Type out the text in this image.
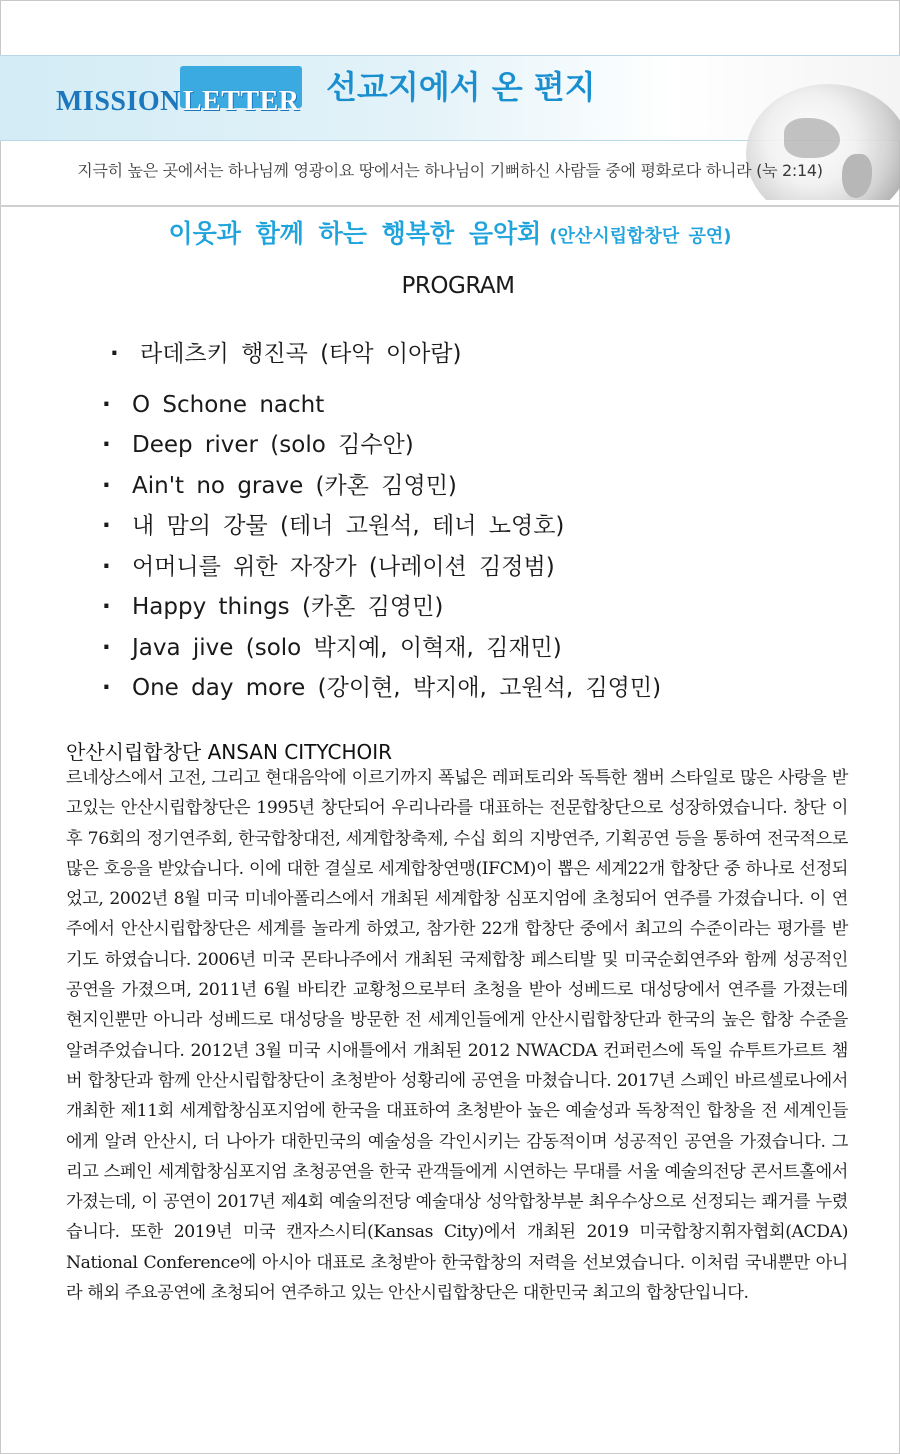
MISSIONLETTER 선교지에서 온 편지
지극히 높은 곳에서는 하나님께 영광이요 땅에서는 하나님이 기뻐하신 사람들 중에 평화로다 하니라 (눅 2:14)
이웃과 함께 하는 행복한 음악회 (안산시립합창단 공연)
PROGRAM
· 라데츠키 행진곡 (타악 이아람)
· O Schone nacht
· Deep river (solo 김수안)
· Ain't no grave (카혼 김영민)
· 내 맘의 강물 (테너 고원석, 테너 노영호)
· 어머니를 위한 자장가 (나레이션 김정범)
· Happy things (카혼 김영민)
· Java jive (solo 박지예, 이혁재, 김재민)
· One day more (강이현, 박지애, 고원석, 김영민)
안산시립합창단 ANSAN CITYCHOIR
르네상스에서 고전, 그리고 현대음악에 이르기까지 폭넓은 레퍼토리와 독특한 챔버 스타일로 많은 사랑을 받고있는 안산시립합창단은 1995년 창단되어 우리나라를 대표하는 전문합창단으로 성장하였습니다. 창단 이후 76회의 정기연주회, 한국합창대전, 세계합창축제, 수십 회의 지방연주, 기획공연 등을 통하여 전국적으로 많은 호응을 받았습니다. 이에 대한 결실로 세계합창연맹(IFCM)이 뽑은 세계22개 합창단 중 하나로 선정되었고, 2002년 8월 미국 미네아폴리스에서 개최된 세계합창 심포지엄에 초청되어 연주를 가졌습니다. 이 연주에서 안산시립합창단은 세계를 놀라게 하였고, 참가한 22개 합창단 중에서 최고의 수준이라는 평가를 받기도 하였습니다. 2006년 미국 몬타나주에서 개최된 국제합창 페스티발 및 미국순회연주와 함께 성공적인 공연을 가졌으며, 2011년 6월 바티칸 교황청으로부터 초청을 받아 성베드로 대성당에서 연주를 가졌는데 현지인뿐만 아니라 성베드로 대성당을 방문한 전 세계인들에게 안산시립합창단과 한국의 높은 합창 수준을 알려주었습니다. 2012년 3월 미국 시애틀에서 개최된 2012 NWACDA 컨퍼런스에 독일 슈투트가르트 챔버 합창단과 함께 안산시립합창단이 초청받아 성황리에 공연을 마쳤습니다. 2017년 스페인 바르셀로나에서 개최한 제11회 세계합창심포지엄에 한국을 대표하여 초청받아 높은 예술성과 독창적인 합창을 전 세계인들에게 알려 안산시, 더 나아가 대한민국의 예술성을 각인시키는 감동적이며 성공적인 공연을 가졌습니다. 그리고 스페인 세계합창심포지엄 초청공연을 한국 관객들에게 시연하는 무대를 서울 예술의전당 콘서트홀에서 가졌는데, 이 공연이 2017년 제4회 예술의전당 예술대상 성악합창부분 최우수상으로 선정되는 쾌거를 누렸습니다. 또한 2019년 미국 캔자스시티(Kansas City)에서 개최된 2019 미국합창지휘자협회(ACDA) National Conference에 아시아 대표로 초청받아 한국합창의 저력을 선보였습니다. 이처럼 국내뿐만 아니라 해외 주요공연에 초청되어 연주하고 있는 안산시립합창단은 대한민국 최고의 합창단입니다.
